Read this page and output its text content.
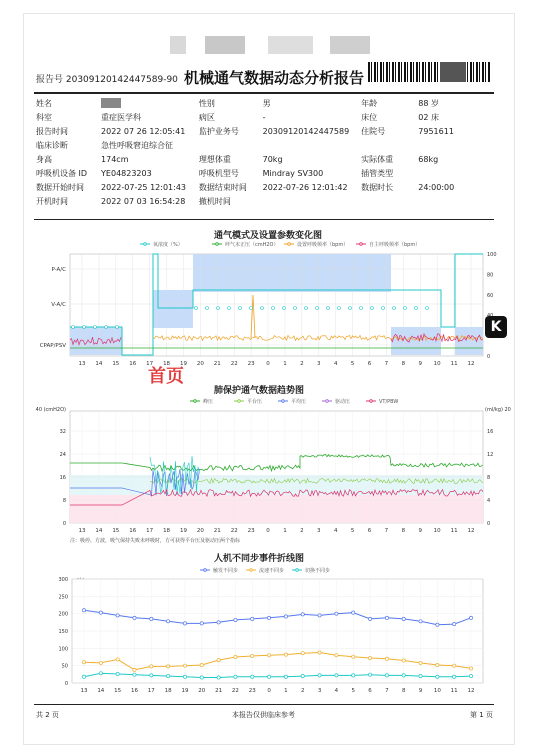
报告号 20309120142447589-90 机械通气数据动态分析报告
姓名		性别	男	年龄	88 岁
科室	重症医学科	病区	-	床位	02 床
报告时间	2022 07 26 12:05:41	监护业务号	20309120142447589	住院号	7951611
临床诊断	急性呼吸窘迫综合征				
身高	174cm	理想体重	70kg	实际体重	68kg
呼吸机设备 ID	YE04823203	呼吸机型号	Mindray SV300	插管类型	
数据开始时间	2022-07-25 12:01:43	数据结束时间	2022-07-26 12:01:42	数据时长	24:00:00
开机时间	2022 07 03 16:54:28	撤机时间			
通气模式及设置参数变化图
氧浓度（%）	呼气末正压（cmH2O）	设置呼吸频率（bpm）	自主呼吸频率（bpm）
13 14 15 16 17 18 19 20 21 22 23 0 1 2 3 4 5 6 7 8 9 10 11 12
P-A/C
V-A/C
CPAP/PSV
100
80
60
0
K
首页
肺保护通气数据趋势图
峰压	平台压	平均压	驱动压	VT/PBW
40 (cmH2O)	(ml/kg) 20
32	16
24	12
16	8
8	4
0	0
13 14 15 16 17 18 19 20 21 22 23 0 1 2 3 4 5 6 7 8 9 10 11 12
注：吸停、方波，吸气保持失败未呼吸时，方可获得平台压及驱动压两个指标
人机不同步事件折线图
触发不同步	流速不同步	切换不同步
300
250
200
150
100
50
0
13 14 15 16 17 18 19 20 21 22 23 0 1 2 3 4 5 6 7 8 9 10 11 12
共 2 页	本报告仅供临床参考	第 1 页
